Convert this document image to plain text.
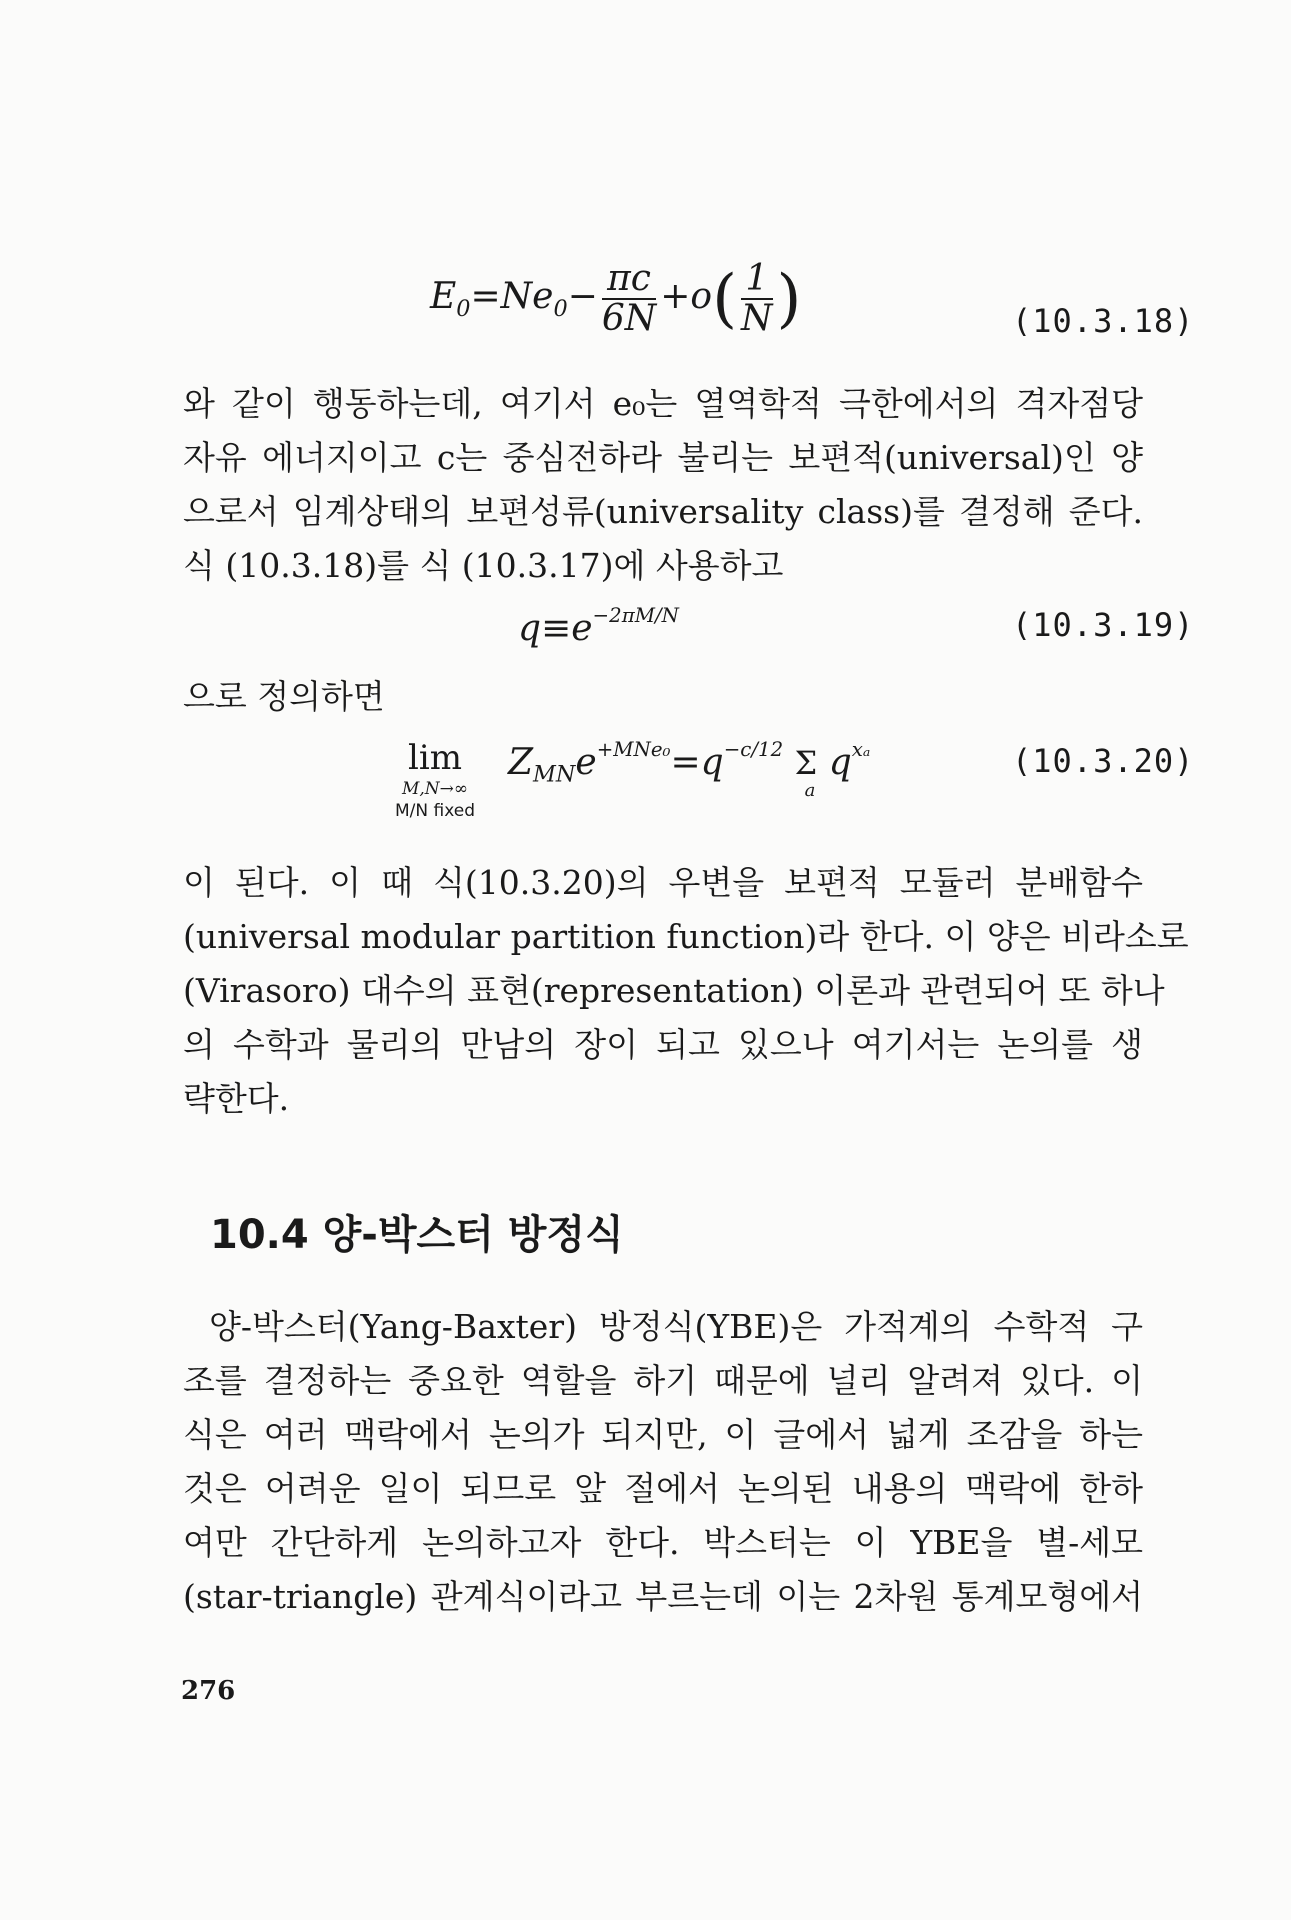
$E_0=Ne_0- \frac{\pi c}{6N} +o( \frac{1}{N}$ )	(10.3.18)
와 같이 행동하는데, 여기서 e₀는 열역학적 극한에서의 격자점당
자유 에너지이고 c는 중심전하라 불리는 보편적(universal)인 양
으로서 임계상태의 보편성류(universality class)를 결정해 준다.
식 (10.3.18)를 식 (10.3.17)에 사용하고
$q\equiv e^{-2\pi M/N}$	(10.3.19)
으로 정의하면
lim
M,N→∞
M/N fixed
$Z_{MN}e^{+MNe_0}=q^{-c/12}$ Σ
a
$q^{x_a}$	(10.3.20)
이 된다. 이 때 식(10.3.20)의 우변을 보편적 모듈러 분배함수
(universal modular partition function)라 한다. 이 양은 비라소로
(Virasoro) 대수의 표현(representation) 이론과 관련되어 또 하나
의 수학과 물리의 만남의 장이 되고 있으나 여기서는 논의를 생
략한다.
10.4 양-박스터 방정식
양-박스터(Yang-Baxter) 방정식(YBE)은 가적계의 수학적 구
조를 결정하는 중요한 역할을 하기 때문에 널리 알려져 있다. 이
식은 여러 맥락에서 논의가 되지만, 이 글에서 넓게 조감을 하는
것은 어려운 일이 되므로 앞 절에서 논의된 내용의 맥락에 한하
여만 간단하게 논의하고자 한다. 박스터는 이 YBE을 별-세모
(star-triangle) 관계식이라고 부르는데 이는 2차원 통계모형에서
276
